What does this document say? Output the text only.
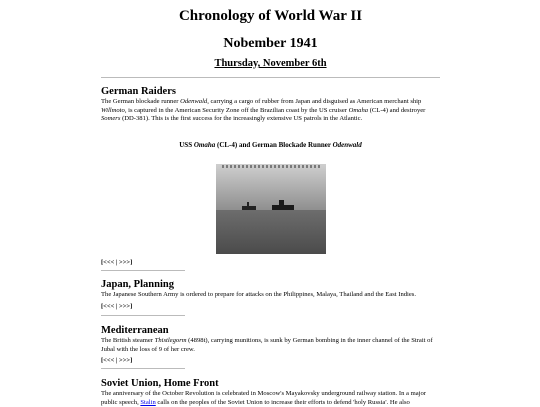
Chronology of World War II
Nobember 1941
Thursday, November 6th
German Raiders

The German blockade runner Odenwald, carrying a cargo of rubber from Japan and disguised as American merchant ship Willmoto, is captured in the American Security Zone off the Brazilian coast by the US cruiser Omaha (CL-4) and destroyer Somers (DD-381). This is the first success for the increasingly extensive US patrols in the Atlantic.

USS Omaha (CL-4) and German Blockade Runner Odenwald
[<<< | >>>]
Japan, Planning

The Japanese Southern Army is ordered to prepare for attacks on the Philippines, Malaya, Thailand and the East Indies.

[<<< | >>>]
Mediterranean

The British steamer Thistlegorm (4898t), carrying munitions, is sunk by German bombing in the inner channel of the Strait of Jubal with the loss of 9 of her crew.

[<<< | >>>]
Soviet Union, Home Front

The anniversary of the October Revolution is celebrated in Moscow's Mayakovsky underground railway station. In a major public speech, Stalin calls on the peoples of the Soviet Union to increase their efforts to defend 'holy Russia'. He also
